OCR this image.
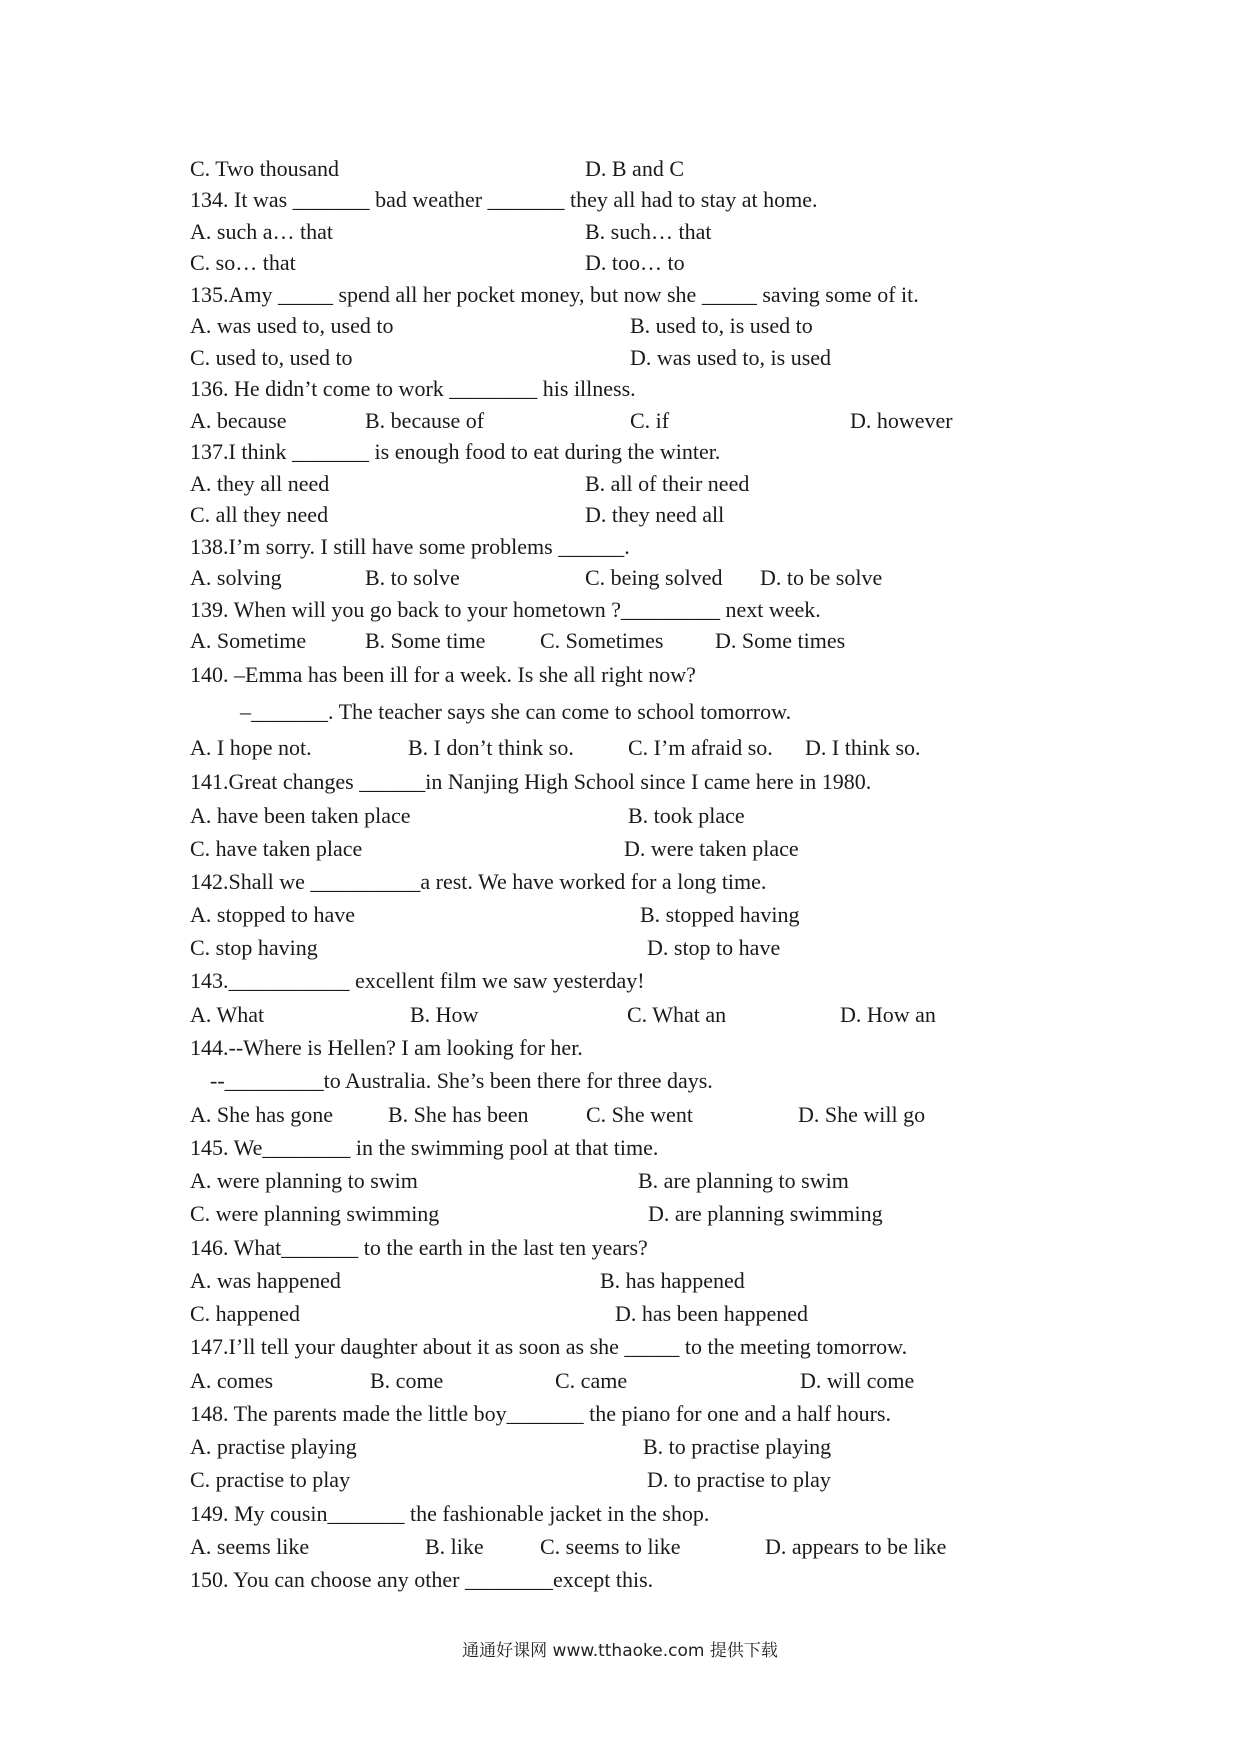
C. Two thousand	D. B and C
134. It was _______ bad weather _______ they all had to stay at home.
A. such a… that	B. such… that
C. so… that	D. too… to
135.Amy _____ spend all her pocket money, but now she _____ saving some of it.
A. was used to, used to	B. used to, is used to
C. used to, used to	D. was used to, is used
136. He didn’t come to work ________ his illness.
A. because	B. because of	C. if	D. however
137.I think _______ is enough food to eat during the winter.
A. they all need	B. all of their need
C. all they need	D. they need all
138.I’m sorry. I still have some problems ______.
A. solving	B. to solve	C. being solved D. to be solve
139. When will you go back to your hometown ?_________ next week.
A. Sometime	B. Some time C. Sometimes D. Some times
140. –Emma has been ill for a week. Is she all right now?
–_______. The teacher says she can come to school tomorrow.
A. I hope not.	B. I don’t think so. C. I’m afraid so. D. I think so.
141.Great changes ______in Nanjing High School since I came here in 1980.
A. have been taken place	B. took place
C. have taken place	D. were taken place
142.Shall we __________a rest. We have worked for a long time.
A. stopped to have	B. stopped having
C. stop having	D. stop to have
143.___________ excellent film we saw yesterday!
A. What	B. How	C. What an	D. How an
144.--Where is Hellen? I am looking for her.
--_________to Australia. She’s been there for three days.
A. She has gone	B. She has been	C. She went	D. She will go
145. We________ in the swimming pool at that time.
A. were planning to swim	B. are planning to swim
C. were planning swimming	D. are planning swimming
146. What_______ to the earth in the last ten years?
A. was happened	B. has happened
C. happened	D. has been happened
147.I’ll tell your daughter about it as soon as she _____ to the meeting tomorrow.
A. comes	B. come	C. came	D. will come
148. The parents made the little boy_______ the piano for one and a half hours.
A. practise playing	B. to practise playing
C. practise to play	D. to practise to play
149. My cousin_______ the fashionable jacket in the shop.
A. seems like	B. like	C. seems to like	D. appears to be like
150. You can choose any other ________except this.
通通好课网 www.tthaoke.com 提供下载
